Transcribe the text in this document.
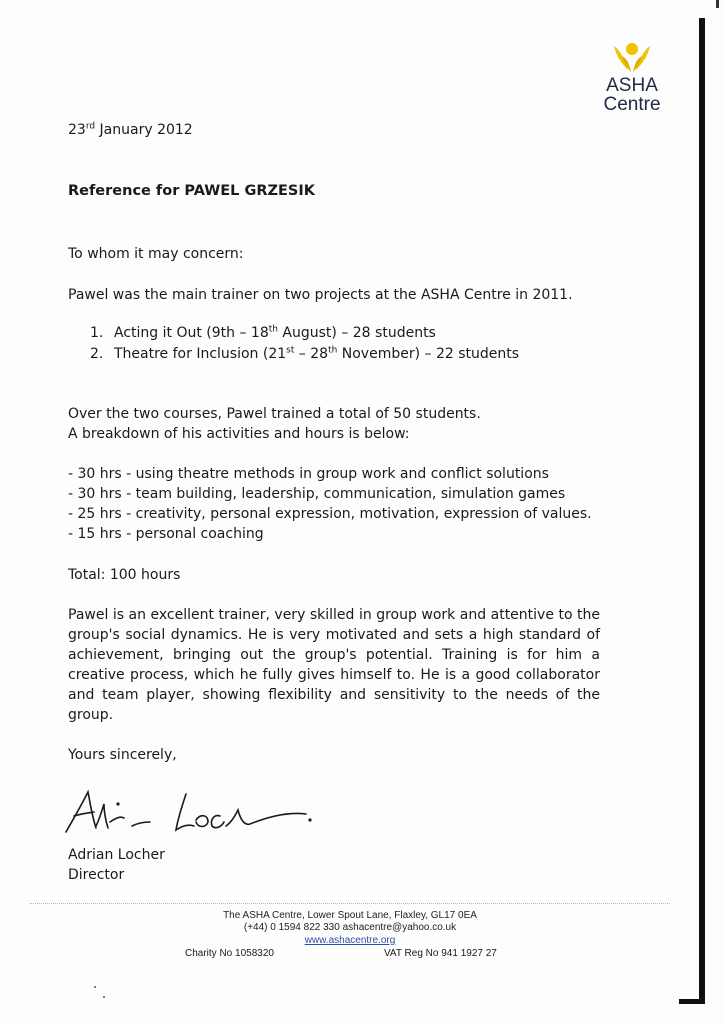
ASHA
Centre
23rd January 2012
Reference for PAWEL GRZESIK
To whom it may concern:
Pawel was the main trainer on two projects at the ASHA Centre in 2011.
1. Acting it Out (9th – 18th August) – 28 students
2. Theatre for Inclusion (21st – 28th November) – 22 students
Over the two courses, Pawel trained a total of 50 students.
A breakdown of his activities and hours is below:
- 30 hrs - using theatre methods in group work and conflict solutions
- 30 hrs - team building, leadership, communication, simulation games
- 25 hrs - creativity, personal expression, motivation, expression of values.
- 15 hrs - personal coaching
Total: 100 hours
Pawel is an excellent trainer, very skilled in group work and attentive to the group's social dynamics. He is very motivated and sets a high standard of achievement, bringing out the group's potential. Training is for him a creative process, which he fully gives himself to. He is a good collaborator and team player, showing flexibility and sensitivity to the needs of the group.
Yours sincerely,
Adrian Locher
Director
The ASHA Centre, Lower Spout Lane, Flaxley, GL17 0EA
(+44) 0 1594 822 330 ashacentre@yahoo.co.uk
www.ashacentre.org
Charity No 1058320	VAT Reg No 941 1927 27
